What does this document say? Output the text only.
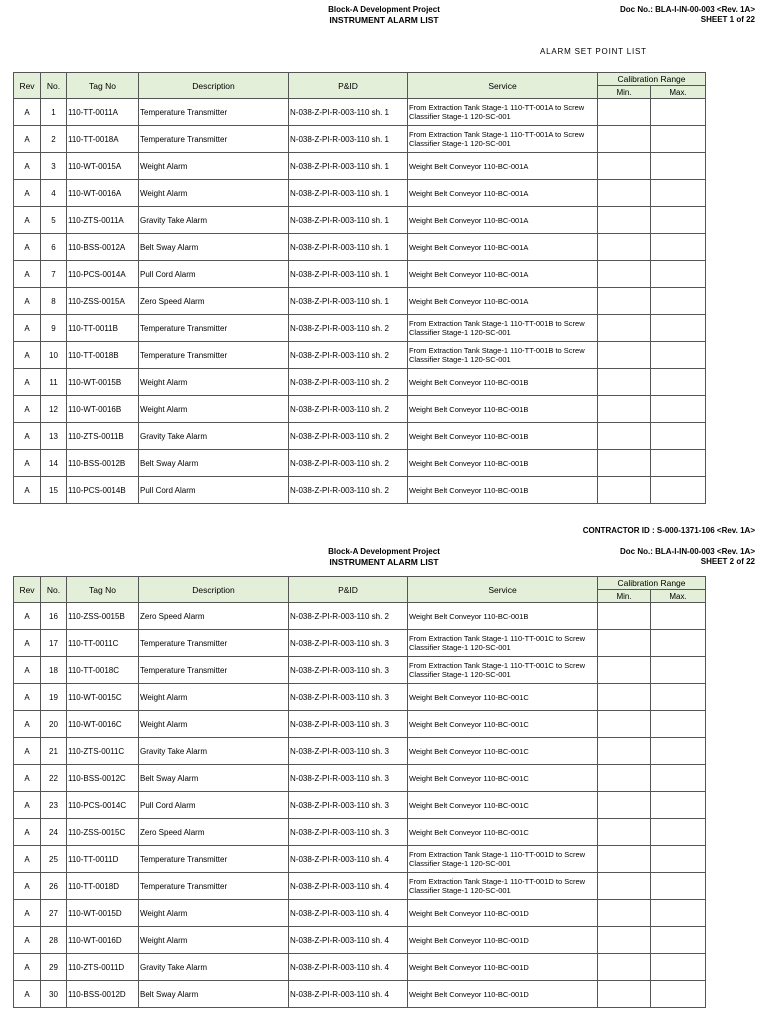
Block-A Development Project
INSTRUMENT ALARM LIST
Doc No.: BLA-I-IN-00-003 <Rev. 1A>
SHEET 1 of 22
ALARM SET POINT LIST
Rev	No.	Tag No	Description	P&ID	Service	Calibration Range	
						Min.	Max.
A	1	110-TT-0011A	Temperature Transmitter	N-038-Z-PI-R-003-110 sh. 1	From Extraction Tank Stage-1 110-TT-001A to Screw Classifier Stage-1 120-SC-001		
A	2	110-TT-0018A	Temperature Transmitter	N-038-Z-PI-R-003-110 sh. 1	From Extraction Tank Stage-1 110-TT-001A to Screw Classifier Stage-1 120-SC-001		
A	3	110-WT-0015A	Weight Alarm	N-038-Z-PI-R-003-110 sh. 1	Weight Belt Conveyor 110-BC-001A		
A	4	110-WT-0016A	Weight Alarm	N-038-Z-PI-R-003-110 sh. 1	Weight Belt Conveyor 110-BC-001A		
A	5	110-ZTS-0011A	Gravity Take Alarm	N-038-Z-PI-R-003-110 sh. 1	Weight Belt Conveyor 110-BC-001A		
A	6	110-BSS-0012A	Belt Sway Alarm	N-038-Z-PI-R-003-110 sh. 1	Weight Belt Conveyor 110-BC-001A		
A	7	110-PCS-0014A	Pull Cord Alarm	N-038-Z-PI-R-003-110 sh. 1	Weight Belt Conveyor 110-BC-001A		
A	8	110-ZSS-0015A	Zero Speed Alarm	N-038-Z-PI-R-003-110 sh. 1	Weight Belt Conveyor 110-BC-001A		
A	9	110-TT-0011B	Temperature Transmitter	N-038-Z-PI-R-003-110 sh. 2	From Extraction Tank Stage-1 110-TT-001B to Screw Classifier Stage-1 120-SC-001		
A	10	110-TT-0018B	Temperature Transmitter	N-038-Z-PI-R-003-110 sh. 2	From Extraction Tank Stage-1 110-TT-001B to Screw Classifier Stage-1 120-SC-001		
A	11	110-WT-0015B	Weight Alarm	N-038-Z-PI-R-003-110 sh. 2	Weight Belt Conveyor 110-BC-001B		
A	12	110-WT-0016B	Weight Alarm	N-038-Z-PI-R-003-110 sh. 2	Weight Belt Conveyor 110-BC-001B		
A	13	110-ZTS-0011B	Gravity Take Alarm	N-038-Z-PI-R-003-110 sh. 2	Weight Belt Conveyor 110-BC-001B		
A	14	110-BSS-0012B	Belt Sway Alarm	N-038-Z-PI-R-003-110 sh. 2	Weight Belt Conveyor 110-BC-001B		
A	15	110-PCS-0014B	Pull Cord Alarm	N-038-Z-PI-R-003-110 sh. 2	Weight Belt Conveyor 110-BC-001B		
CONTRACTOR ID : S-000-1371-106 <Rev. 1A>
Block-A Development Project
INSTRUMENT ALARM LIST
Doc No.: BLA-I-IN-00-003 <Rev. 1A>
SHEET 2 of 22
Rev	No.	Tag No	Description	P&ID	Service	Calibration Range	
						Min.	Max.
A	16	110-ZSS-0015B	Zero Speed Alarm	N-038-Z-PI-R-003-110 sh. 2	Weight Belt Conveyor 110-BC-001B		
A	17	110-TT-0011C	Temperature Transmitter	N-038-Z-PI-R-003-110 sh. 3	From Extraction Tank Stage-1 110-TT-001C to Screw Classifier Stage-1 120-SC-001		
A	18	110-TT-0018C	Temperature Transmitter	N-038-Z-PI-R-003-110 sh. 3	From Extraction Tank Stage-1 110-TT-001C to Screw Classifier Stage-1 120-SC-001		
A	19	110-WT-0015C	Weight Alarm	N-038-Z-PI-R-003-110 sh. 3	Weight Belt Conveyor 110-BC-001C		
A	20	110-WT-0016C	Weight Alarm	N-038-Z-PI-R-003-110 sh. 3	Weight Belt Conveyor 110-BC-001C		
A	21	110-ZTS-0011C	Gravity Take Alarm	N-038-Z-PI-R-003-110 sh. 3	Weight Belt Conveyor 110-BC-001C		
A	22	110-BSS-0012C	Belt Sway Alarm	N-038-Z-PI-R-003-110 sh. 3	Weight Belt Conveyor 110-BC-001C		
A	23	110-PCS-0014C	Pull Cord Alarm	N-038-Z-PI-R-003-110 sh. 3	Weight Belt Conveyor 110-BC-001C		
A	24	110-ZSS-0015C	Zero Speed Alarm	N-038-Z-PI-R-003-110 sh. 3	Weight Belt Conveyor 110-BC-001C		
A	25	110-TT-0011D	Temperature Transmitter	N-038-Z-PI-R-003-110 sh. 4	From Extraction Tank Stage-1 110-TT-001D to Screw Classifier Stage-1 120-SC-001		
A	26	110-TT-0018D	Temperature Transmitter	N-038-Z-PI-R-003-110 sh. 4	From Extraction Tank Stage-1 110-TT-001D to Screw Classifier Stage-1 120-SC-001		
A	27	110-WT-0015D	Weight Alarm	N-038-Z-PI-R-003-110 sh. 4	Weight Belt Conveyor 110-BC-001D		
A	28	110-WT-0016D	Weight Alarm	N-038-Z-PI-R-003-110 sh. 4	Weight Belt Conveyor 110-BC-001D		
A	29	110-ZTS-0011D	Gravity Take Alarm	N-038-Z-PI-R-003-110 sh. 4	Weight Belt Conveyor 110-BC-001D		
A	30	110-BSS-0012D	Belt Sway Alarm	N-038-Z-PI-R-003-110 sh. 4	Weight Belt Conveyor 110-BC-001D		
